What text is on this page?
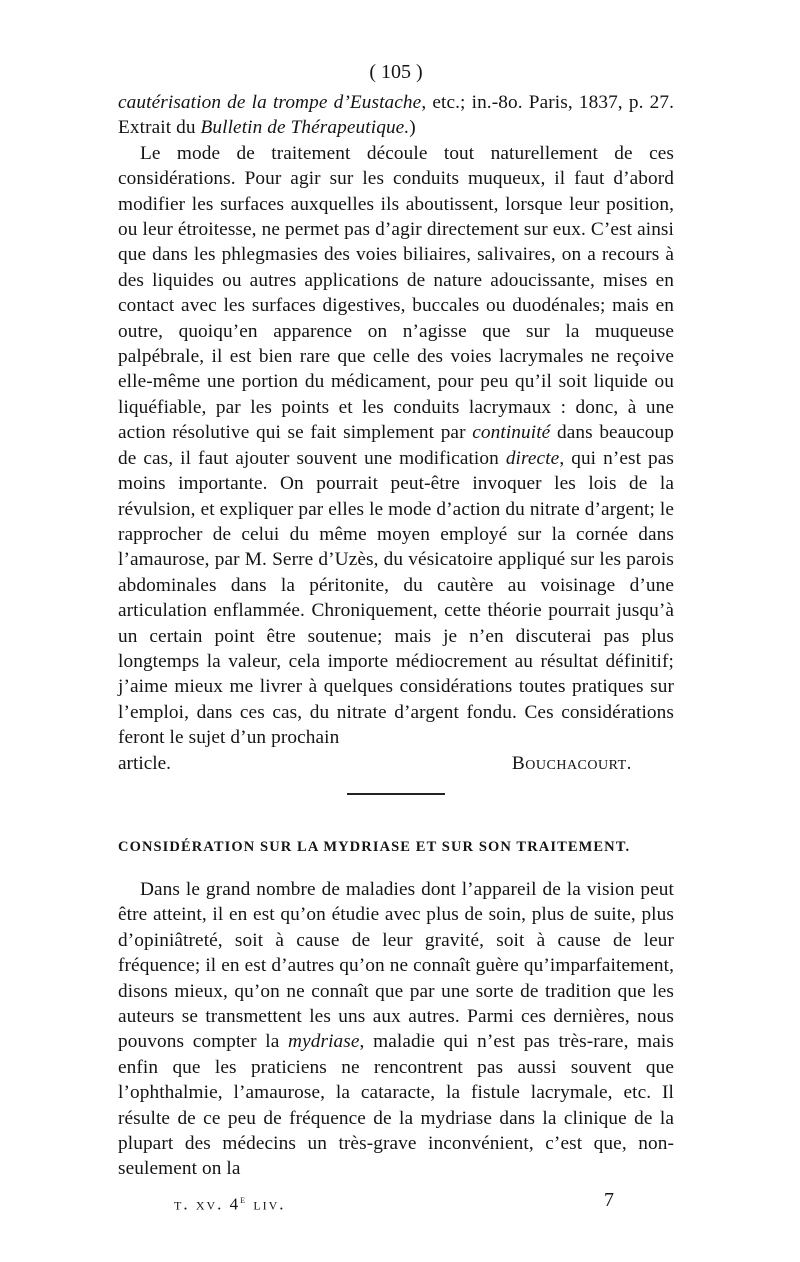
( 105 )

cautérisation de la trompe d’Eustache, etc.; in.-8o. Paris, 1837, p. 27. Extrait du Bulletin de Thérapeutique.)

Le mode de traitement découle tout naturellement de ces considérations. Pour agir sur les conduits muqueux, il faut d’abord modifier les surfaces auxquelles ils aboutissent, lorsque leur position, ou leur étroitesse, ne permet pas d’agir directement sur eux. C’est ainsi que dans les phlegmasies des voies biliaires, salivaires, on a recours à des liquides ou autres applications de nature adoucissante, mises en contact avec les surfaces digestives, buccales ou duodénales; mais en outre, quoiqu’en apparence on n’agisse que sur la muqueuse palpébrale, il est bien rare que celle des voies lacrymales ne reçoive elle-même une portion du médicament, pour peu qu’il soit liquide ou liquéfiable, par les points et les conduits lacrymaux : donc, à une action résolutive qui se fait simplement par continuité dans beaucoup de cas, il faut ajouter souvent une modification directe, qui n’est pas moins importante. On pourrait peut-être invoquer les lois de la révulsion, et expliquer par elles le mode d’action du nitrate d’argent; le rapprocher de celui du même moyen employé sur la cornée dans l’amaurose, par M. Serre d’Uzès, du vésicatoire appliqué sur les parois abdominales dans la péritonite, du cautère au voisinage d’une articulation enflammée. Chroniquement, cette théorie pourrait jusqu’à un certain point être soutenue; mais je n’en discuterai pas plus longtemps la valeur, cela importe médiocrement au résultat définitif; j’aime mieux me livrer à quelques considérations toutes pratiques sur l’emploi, dans ces cas, du nitrate d’argent fondu. Ces considérations feront le sujet d’un prochain

article.	Bouchacourt.
CONSIDÉRATION SUR LA MYDRIASE ET SUR SON TRAITEMENT.

Dans le grand nombre de maladies dont l’appareil de la vision peut être atteint, il en est qu’on étudie avec plus de soin, plus de suite, plus d’opiniâtreté, soit à cause de leur gravité, soit à cause de leur fréquence; il en est d’autres qu’on ne connaît guère qu’imparfaitement, disons mieux, qu’on ne connaît que par une sorte de tradition que les auteurs se transmettent les uns aux autres. Parmi ces dernières, nous pouvons compter la mydriase, maladie qui n’est pas très-rare, mais enfin que les praticiens ne rencontrent pas aussi souvent que l’ophthalmie, l’amaurose, la cataracte, la fistule lacrymale, etc. Il résulte de ce peu de fréquence de la mydriase dans la clinique de la plupart des médecins un très-grave inconvénient, c’est que, non-seulement on la

t. xv. 4e liv.	7
